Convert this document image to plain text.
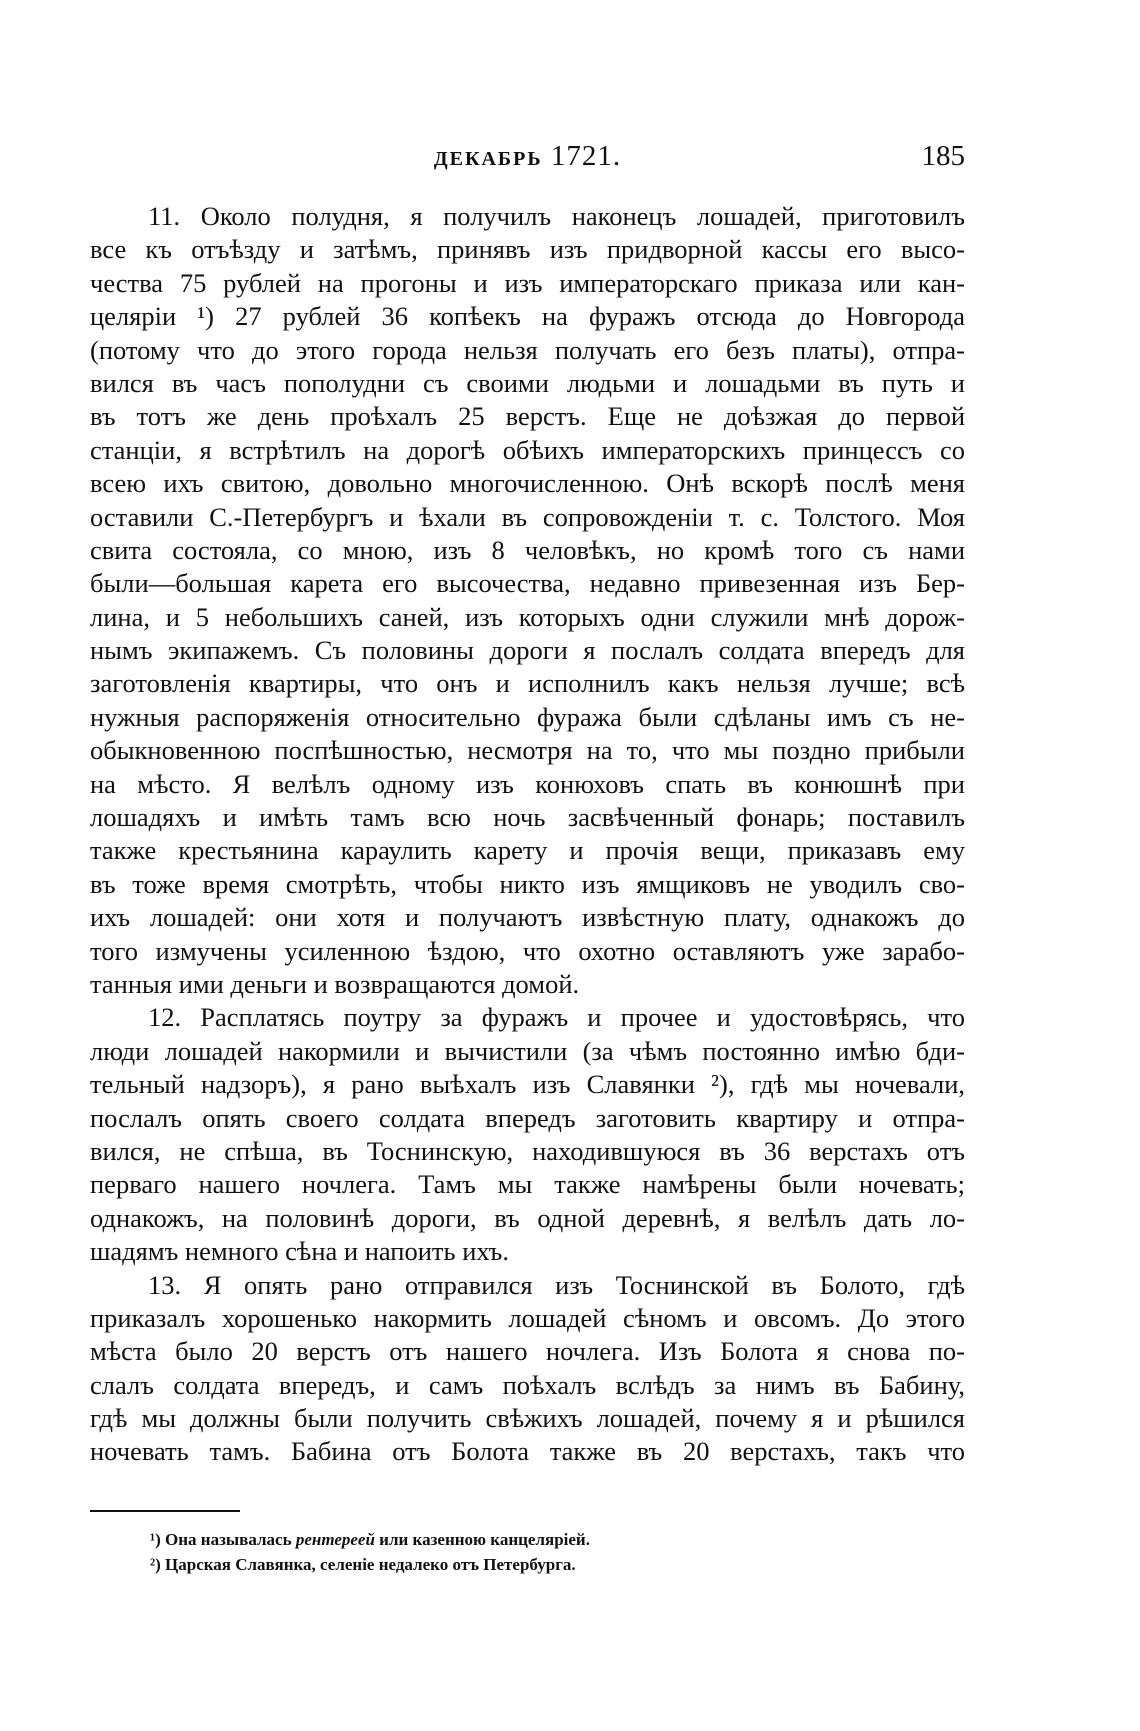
ДЕКАБРЬ 1721.	185
11. Около полудня, я получилъ наконецъ лошадей, приготовилъ
все къ отъѣзду и затѣмъ, принявъ изъ придворной кассы его высо-
чества 75 рублей на прогоны и изъ императорскаго приказа или кан-
целяріи ¹) 27 рублей 36 копѣекъ на фуражъ отсюда до Новгорода
(потому что до этого города нельзя получать его безъ платы), отпра-
вился въ часъ пополудни съ своими людьми и лошадьми въ путь и
въ тотъ же день проѣхалъ 25 верстъ. Еще не доѣзжая до первой
станціи, я встрѣтилъ на дорогѣ обѣихъ императорскихъ принцессъ со
всею ихъ свитою, довольно многочисленною. Онѣ вскорѣ послѣ меня
оставили С.-Петербургъ и ѣхали въ сопровожденіи т. с. Толстого. Моя
свита состояла, со мною, изъ 8 человѣкъ, но кромѣ того съ нами
были—большая карета его высочества, недавно привезенная изъ Бер-
лина, и 5 небольшихъ саней, изъ которыхъ одни служили мнѣ дорож-
нымъ экипажемъ. Съ половины дороги я послалъ солдата впередъ для
заготовленія квартиры, что онъ и исполнилъ какъ нельзя лучше; всѣ
нужныя распоряженія относительно фуража были сдѣланы имъ съ не-
обыкновенною поспѣшностью, несмотря на то, что мы поздно прибыли
на мѣсто. Я велѣлъ одному изъ конюховъ спать въ конюшнѣ при
лошадяхъ и имѣть тамъ всю ночь засвѣченный фонарь; поставилъ
также крестьянина караулить карету и прочія вещи, приказавъ ему
въ тоже время смотрѣть, чтобы никто изъ ямщиковъ не уводилъ сво-
ихъ лошадей: они хотя и получаютъ извѣстную плату, однакожъ до
того измучены усиленною ѣздою, что охотно оставляютъ уже зарабо-
танныя ими деньги и возвращаются домой.
12. Расплатясь поутру за фуражъ и прочее и удостовѣрясь, что
люди лошадей накормили и вычистили (за чѣмъ постоянно имѣю бди-
тельный надзоръ), я рано выѣхалъ изъ Славянки ²), гдѣ мы ночевали,
послалъ опять своего солдата впередъ заготовить квартиру и отпра-
вился, не спѣша, въ Тоснинскую, находившуюся въ 36 верстахъ отъ
перваго нашего ночлега. Тамъ мы также намѣрены были ночевать;
однакожъ, на половинѣ дороги, въ одной деревнѣ, я велѣлъ дать ло-
шадямъ немного сѣна и напоить ихъ.
13. Я опять рано отправился изъ Тоснинской въ Болото, гдѣ
приказалъ хорошенько накормить лошадей сѣномъ и овсомъ. До этого
мѣста было 20 верстъ отъ нашего ночлега. Изъ Болота я снова по-
слалъ солдата впередъ, и самъ поѣхалъ вслѣдъ за нимъ въ Бабину,
гдѣ мы должны были получить свѣжихъ лошадей, почему я и рѣшился
ночевать тамъ. Бабина отъ Болота также въ 20 верстахъ, такъ что
¹) Она называлась рентереей или казенною канцеляріей.
²) Царская Славянка, селеніе недалеко отъ Петербурга.
